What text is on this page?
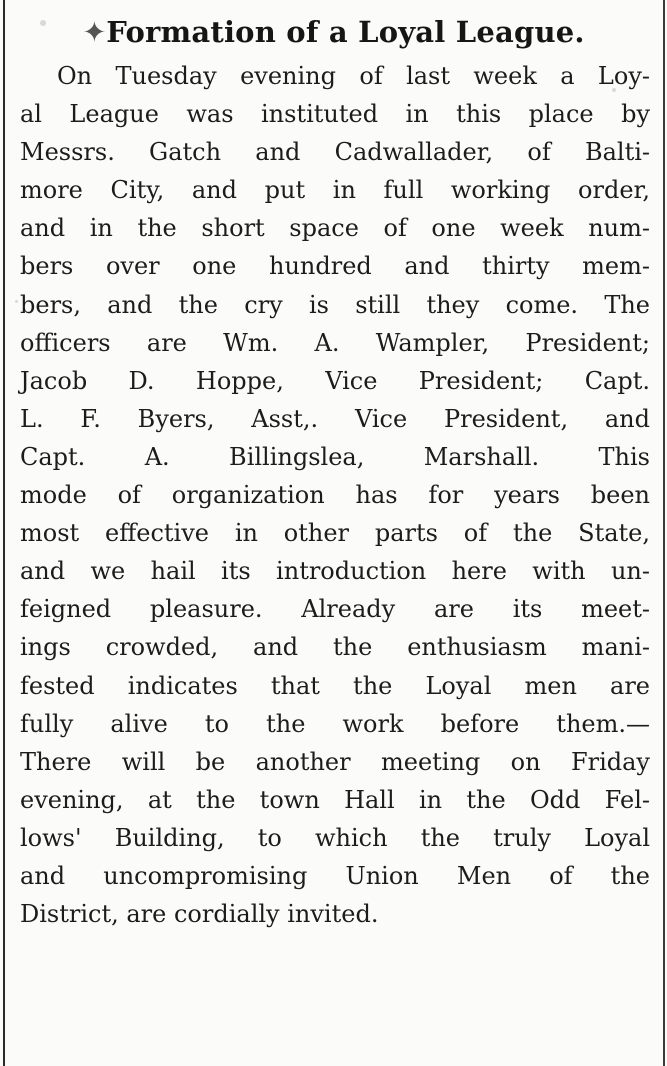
✦Formation of a Loyal League.
On Tuesday evening of last week a Loy-
al League was instituted in this place by
Messrs. Gatch and Cadwallader, of Balti-
more City, and put in full working order,
and in the short space of one week num-
bers over one hundred and thirty mem-
bers, and the cry is still they come. The
officers are Wm. A. Wampler, President;
Jacob D. Hoppe, Vice President; Capt.
L. F. Byers, Asst,. Vice President, and
Capt. A. Billingslea, Marshall. This
mode of organization has for years been
most effective in other parts of the State,
and we hail its introduction here with un-
feigned pleasure. Already are its meet-
ings crowded, and the enthusiasm mani-
fested indicates that the Loyal men are
fully alive to the work before them.—
There will be another meeting on Friday
evening, at the town Hall in the Odd Fel-
lows' Building, to which the truly Loyal
and uncompromising Union Men of the
District, are cordially invited.
